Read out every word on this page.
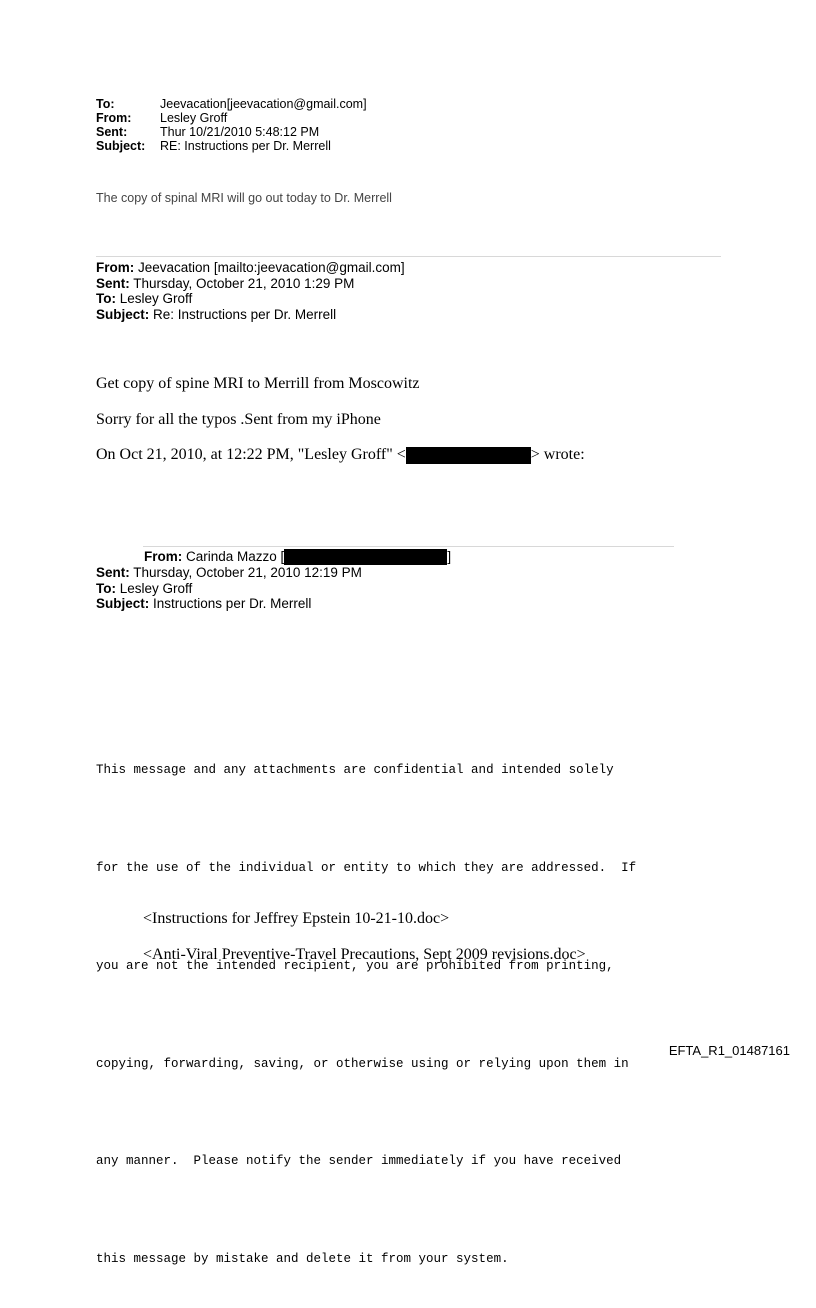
To:	Jeevacation[jeevacation@gmail.com]
From:	Lesley Groff
Sent:	Thur 10/21/2010 5:48:12 PM
Subject:	RE: Instructions per Dr. Merrell
The copy of spinal MRI will go out today to Dr. Merrell
From: Jeevacation [mailto:jeevacation@gmail.com]
Sent: Thursday, October 21, 2010 1:29 PM
To: Lesley Groff
Subject: Re: Instructions per Dr. Merrell
Get copy of spine MRI to Merrill from Moscowitz
Sorry for all the typos .Sent from my iPhone
On Oct 21, 2010, at 12:22 PM, "Lesley Groff" <	> wrote:
From: Carinda Mazzo [	]
Sent: Thursday, October 21, 2010 12:19 PM
To: Lesley Groff
Subject: Instructions per Dr. Merrell

This message and any attachments are confidential and intended solely

for the use of the individual or entity to which they are addressed.  If

you are not the intended recipient, you are prohibited from printing,

copying, forwarding, saving, or otherwise using or relying upon them in

any manner.  Please notify the sender immediately if you have received

this message by mistake and delete it from your system.

<Instructions for Jeffrey Epstein 10-21-10.doc>
<Anti-Viral Preventive-Travel Precautions, Sept 2009 revisions.doc>
EFTA_R1_01487161
